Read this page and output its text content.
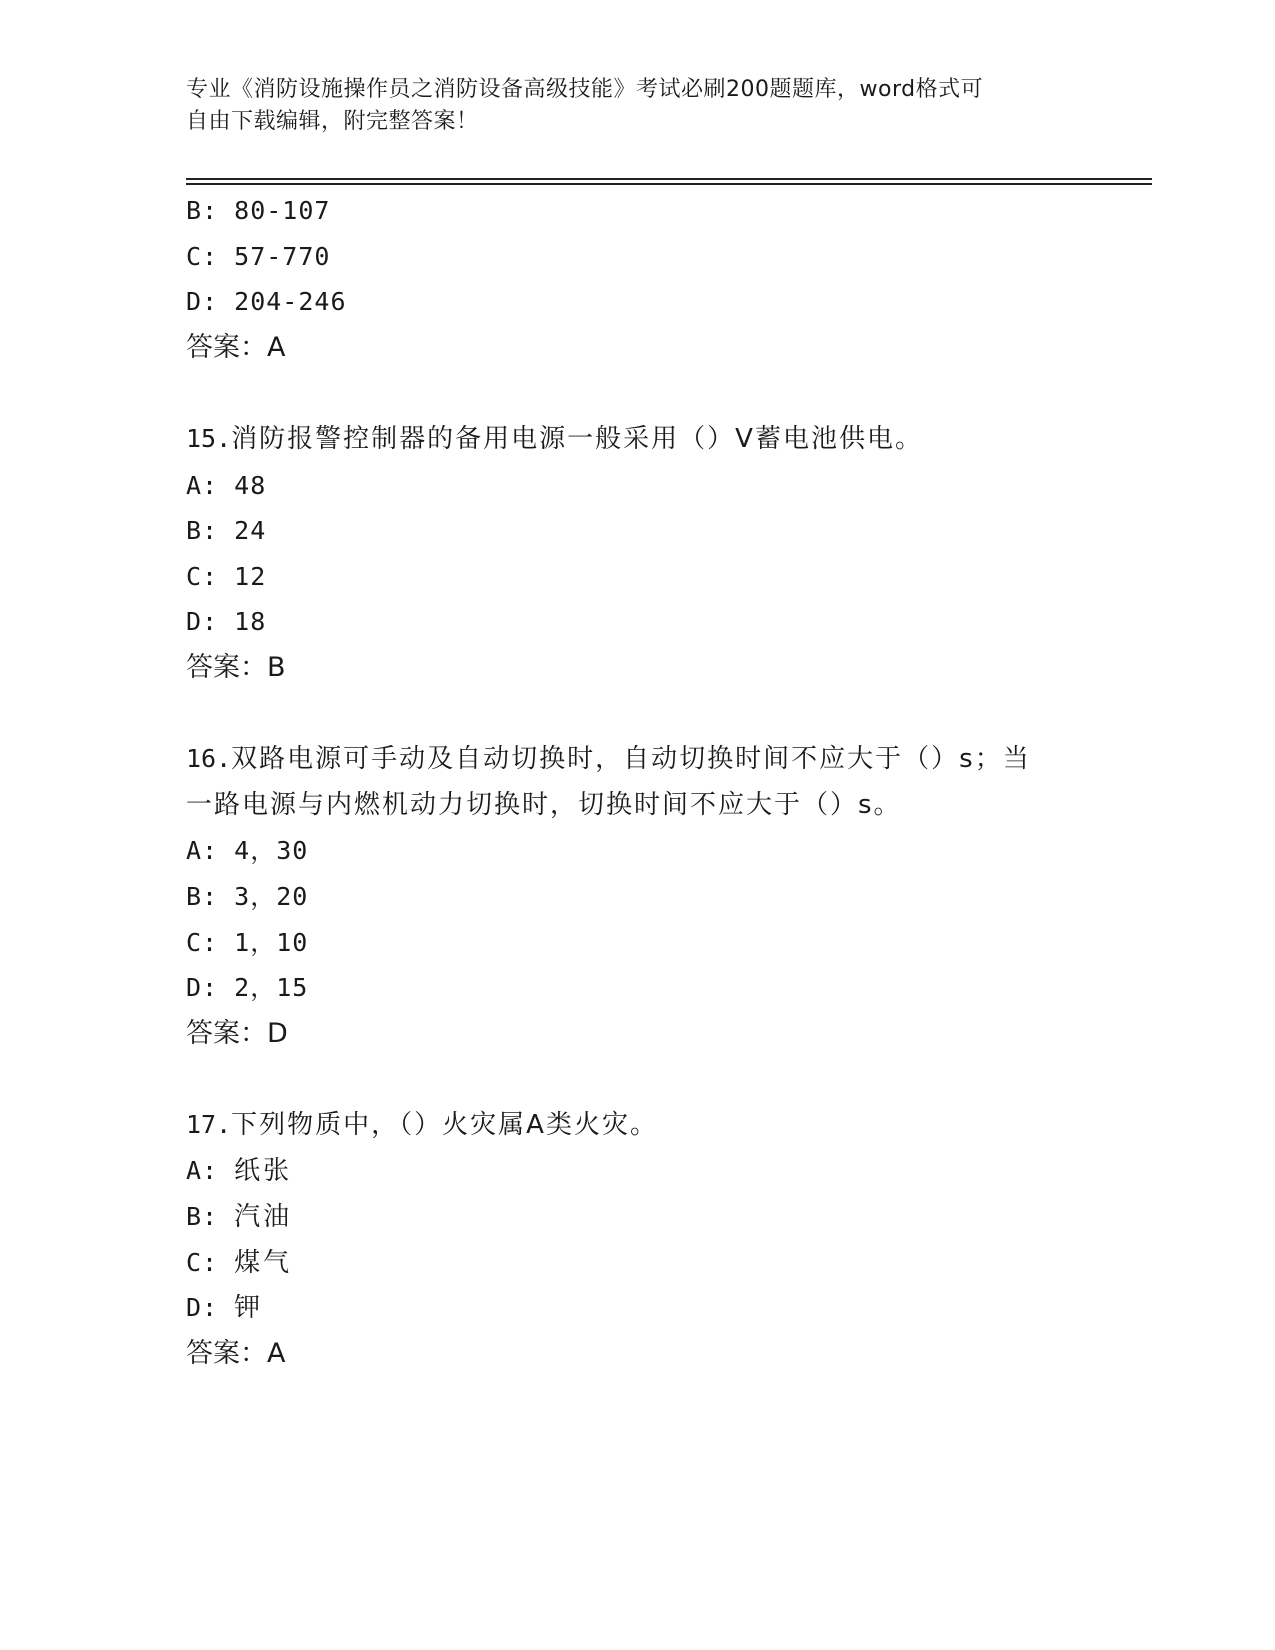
专业《消防设施操作员之消防设备高级技能》考试必刷200题题库，word格式可
自由下载编辑，附完整答案！
B: 80-107
C: 57-770
D: 204-246
答案：A
15.消防报警控制器的备用电源一般采用（）V蓄电池供电。
A: 48
B: 24
C: 12
D: 18
答案：B
16.双路电源可手动及自动切换时，自动切换时间不应大于（）s；当
一路电源与内燃机动力切换时，切换时间不应大于（）s。
A: 4，30
B: 3，20
C: 1，10
D: 2，15
答案：D
17.下列物质中，（）火灾属A类火灾。
A: 纸张
B: 汽油
C: 煤气
D: 钾
答案：A
